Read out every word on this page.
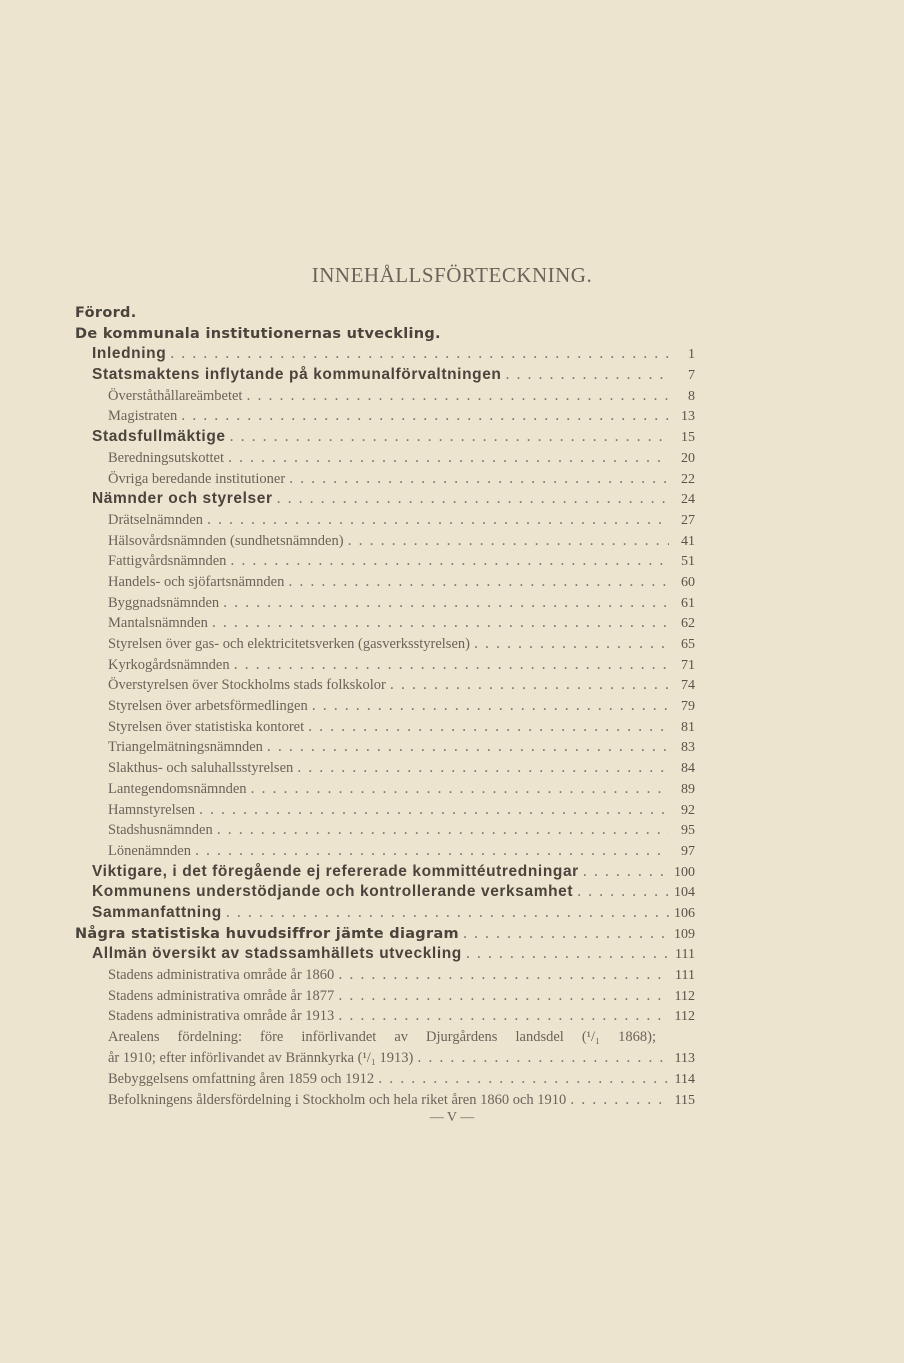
INNEHÅLLSFÖRTECKNING.
Förord.
De kommunala institutionernas utveckling.
Inledning . . .	1
Statsmaktens inflytande på kommunalförvaltningen . . .	7
Överståthållareämbetet . . .	8
Magistraten . . .	13
Stadsfullmäktige . . .	15
Beredningsutskottet . . .	20
Övriga beredande institutioner . . .	22
Nämnder och styrelser . . .	24
Drätselnämnden . . .	27
Hälsovårdsnämnden (sundhetsnämnden) . . .	41
Fattigvårdsnämnden . . .	51
Handels- och sjöfartsnämnden . . .	60
Byggnadsnämnden . . .	61
Mantalsnämnden . . .	62
Styrelsen över gas- och elektricitetsverken (gasverksstyrelsen) . . .	65
Kyrkogårdsnämnden . . .	71
Överstyrelsen över Stockholms stads folkskolor . . .	74
Styrelsen över arbetsförmedlingen . . .	79
Styrelsen över statistiska kontoret . . .	81
Triangelmätningsnämnden . . .	83
Slakthus- och saluhallsstyrelsen . . .	84
Lantegendomsnämnden . . .	89
Hamnstyrelsen . . .	92
Stadshusnämnden . . .	95
Lönenämnden . . .	97
Viktigare, i det föregående ej refererade kommittéutredningar . . .	100
Kommunens understödjande och kontrollerande verksamhet . . .	104
Sammanfattning . . .	106
Några statistiska huvudsiffror jämte diagram . . .	109
Allmän översikt av stadssamhällets utveckling . . .	111
Stadens administrativa område år 1860 . . .	111
Stadens administrativa område år 1877 . . .	112
Stadens administrativa område år 1913 . . .	112
Arealens fördelning: före införlivandet av Djurgårdens landsdel (¹/₁ 1868);
år 1910; efter införlivandet av Brännkyrka (¹/₁ 1913) . . .	113
Bebyggelsens omfattning åren 1859 och 1912 . . .	114
Befolkningens åldersfördelning i Stockholm och hela riket åren 1860 och 1910 . . .	115
— V —
